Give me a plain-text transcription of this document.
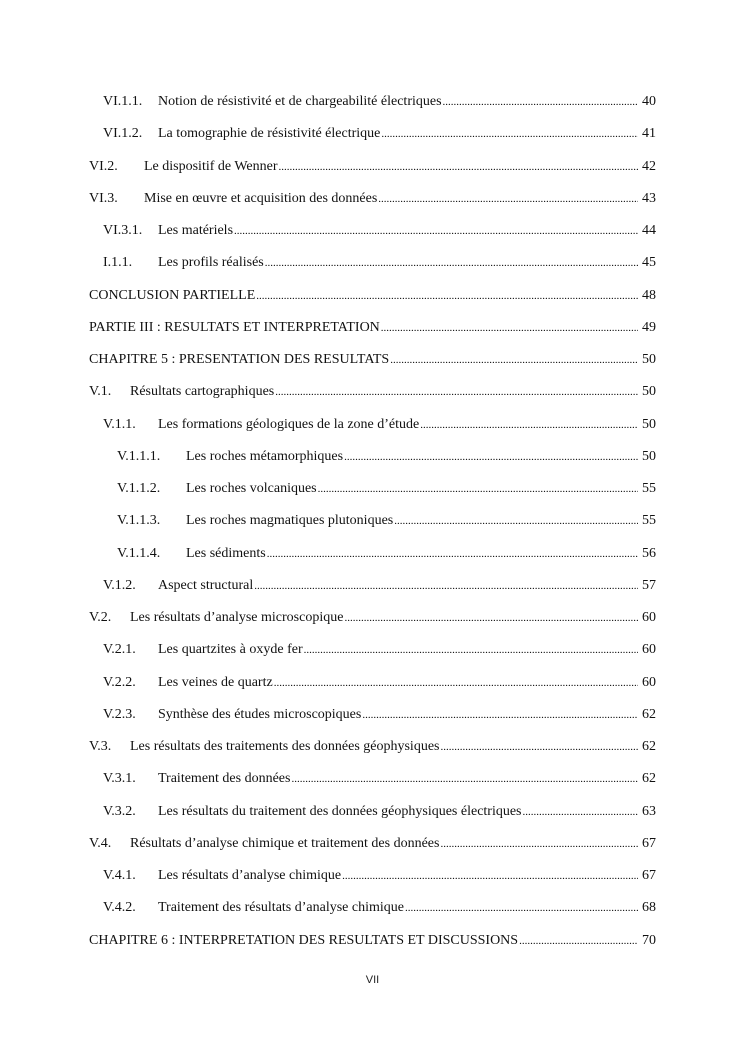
VI.1.1.	Notion de résistivité et de chargeabilité électriques .....	40
VI.1.2.	La tomographie de résistivité électrique .....	41
VI.2.	Le dispositif de Wenner .....	42
VI.3.	Mise en œuvre et acquisition des données .....	43
VI.3.1.	Les matériels .....	44
I.1.1.	Les profils réalisés .....	45
CONCLUSION PARTIELLE .....	48
PARTIE III : RESULTATS ET INTERPRETATION .....	49
CHAPITRE 5 : PRESENTATION DES RESULTATS .....	50
V.1.	Résultats cartographiques .....	50
V.1.1.	Les formations géologiques de la zone d’étude .....	50
V.1.1.1.	Les roches métamorphiques .....	50
V.1.1.2.	Les roches volcaniques .....	55
V.1.1.3.	Les roches magmatiques plutoniques .....	55
V.1.1.4.	Les sédiments .....	56
V.1.2.	Aspect structural .....	57
V.2.	Les résultats d’analyse microscopique .....	60
V.2.1.	Les quartzites à oxyde fer .....	60
V.2.2.	Les veines de quartz .....	60
V.2.3.	Synthèse des études microscopiques .....	62
V.3.	Les résultats des traitements des données géophysiques .....	62
V.3.1.	Traitement des données .....	62
V.3.2.	Les résultats du traitement des données géophysiques électriques .....	63
V.4.	Résultats d’analyse chimique et traitement des données .....	67
V.4.1.	Les résultats d’analyse chimique .....	67
V.4.2.	Traitement des résultats d’analyse chimique .....	68
CHAPITRE 6 : INTERPRETATION DES RESULTATS ET DISCUSSIONS .....	70
VII
